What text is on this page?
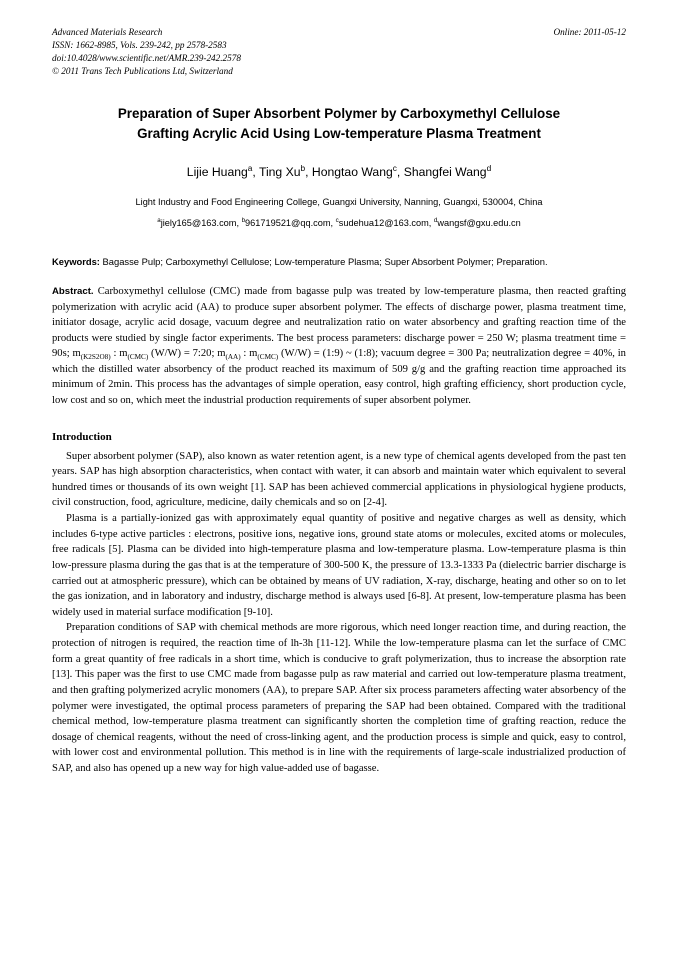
Advanced Materials Research
ISSN: 1662-8985, Vols. 239-242, pp 2578-2583
doi:10.4028/www.scientific.net/AMR.239-242.2578
© 2011 Trans Tech Publications Ltd, Switzerland
Online: 2011-05-12
Preparation of Super Absorbent Polymer by Carboxymethyl Cellulose
Grafting Acrylic Acid Using Low-temperature Plasma Treatment
Lijie Huang$^a$, Ting Xu$^b$, Hongtao Wang$^c$, Shangfei Wang$^d$
Light Industry and Food Engineering College, Guangxi University, Nanning, Guangxi, 530004, China
$^a$jiely165@163.com, $^b$961719521@qq.com, $^c$sudehua12@163.com, $^d$wangsf@gxu.edu.cn
Keywords: Bagasse Pulp; Carboxymethyl Cellulose; Low-temperature Plasma; Super Absorbent Polymer; Preparation.
Abstract. Carboxymethyl cellulose (CMC) made from bagasse pulp was treated by low-temperature plasma, then reacted grafting polymerization with acrylic acid (AA) to produce super absorbent polymer. The effects of discharge power, plasma treatment time, initiator dosage, acrylic acid dosage, vacuum degree and neutralization ratio on water absorbency and grafting reaction time of the products were studied by single factor experiments. The best process parameters: discharge power = 250 W; plasma treatment time = 90s; $m_{(K2S2O8)}$ : $m_{(CMC)}$ (W/W) = 7:20; $m_{(AA)}$ : $m_{(CMC)}$ (W/W) = (1:9) ~ (1:8); vacuum degree = 300 Pa; neutralization degree = 40%, in which the distilled water absorbency of the product reached its maximum of 509 g/g and the grafting reaction time approached its minimum of 2min. This process has the advantages of simple operation, easy control, high grafting efficiency, short production cycle, low cost and so on, which meet the industrial production requirements of super absorbent polymer.
Introduction

Super absorbent polymer (SAP), also known as water retention agent, is a new type of chemical agents developed from the past ten years. SAP has high absorption characteristics, when contact with water, it can absorb and maintain water which equivalent to several hundred times or thousands of its own weight [1]. SAP has been achieved commercial applications in physiological hygiene products, civil construction, food, agriculture, medicine, daily chemicals and so on [2-4].

Plasma is a partially-ionized gas with approximately equal quantity of positive and negative charges as well as density, which includes 6-type active particles : electrons, positive ions, negative ions, ground state atoms or molecules, excited atoms or molecules, free radicals [5]. Plasma can be divided into high-temperature plasma and low-temperature plasma. Low-temperature plasma is thin low-pressure plasma during the gas that is at the temperature of 300-500 K, the pressure of 13.3-1333 Pa (dielectric barrier discharge is carried out at atmospheric pressure), which can be obtained by means of UV radiation, X-ray, discharge, heating and other so on to let the gas ionization, and in laboratory and industry, discharge method is always used [6-8]. At present, low-temperature plasma has been widely used in material surface modification [9-10].

Preparation conditions of SAP with chemical methods are more rigorous, which need longer reaction time, and during reaction, the protection of nitrogen is required, the reaction time of lh-3h [11-12]. While the low-temperature plasma can let the surface of CMC form a great quantity of free radicals in a short time, which is conducive to graft polymerization, thus to increase the absorption rate [13]. This paper was the first to use CMC made from bagasse pulp as raw material and carried out low-temperature plasma treatment, and then grafting polymerized acrylic monomers (AA), to prepare SAP. After six process parameters affecting water absorbency of the polymer were investigated, the optimal process parameters of preparing the SAP had been obtained. Compared with the traditional chemical method, low-temperature plasma treatment can significantly shorten the completion time of grafting reaction, reduce the dosage of chemical reagents, without the need of cross-linking agent, and the production process is simple and quick, easy to control, with lower cost and environmental pollution. This method is in line with the requirements of large-scale industrialized production of SAP, and also has opened up a new way for high value-added use of bagasse.
